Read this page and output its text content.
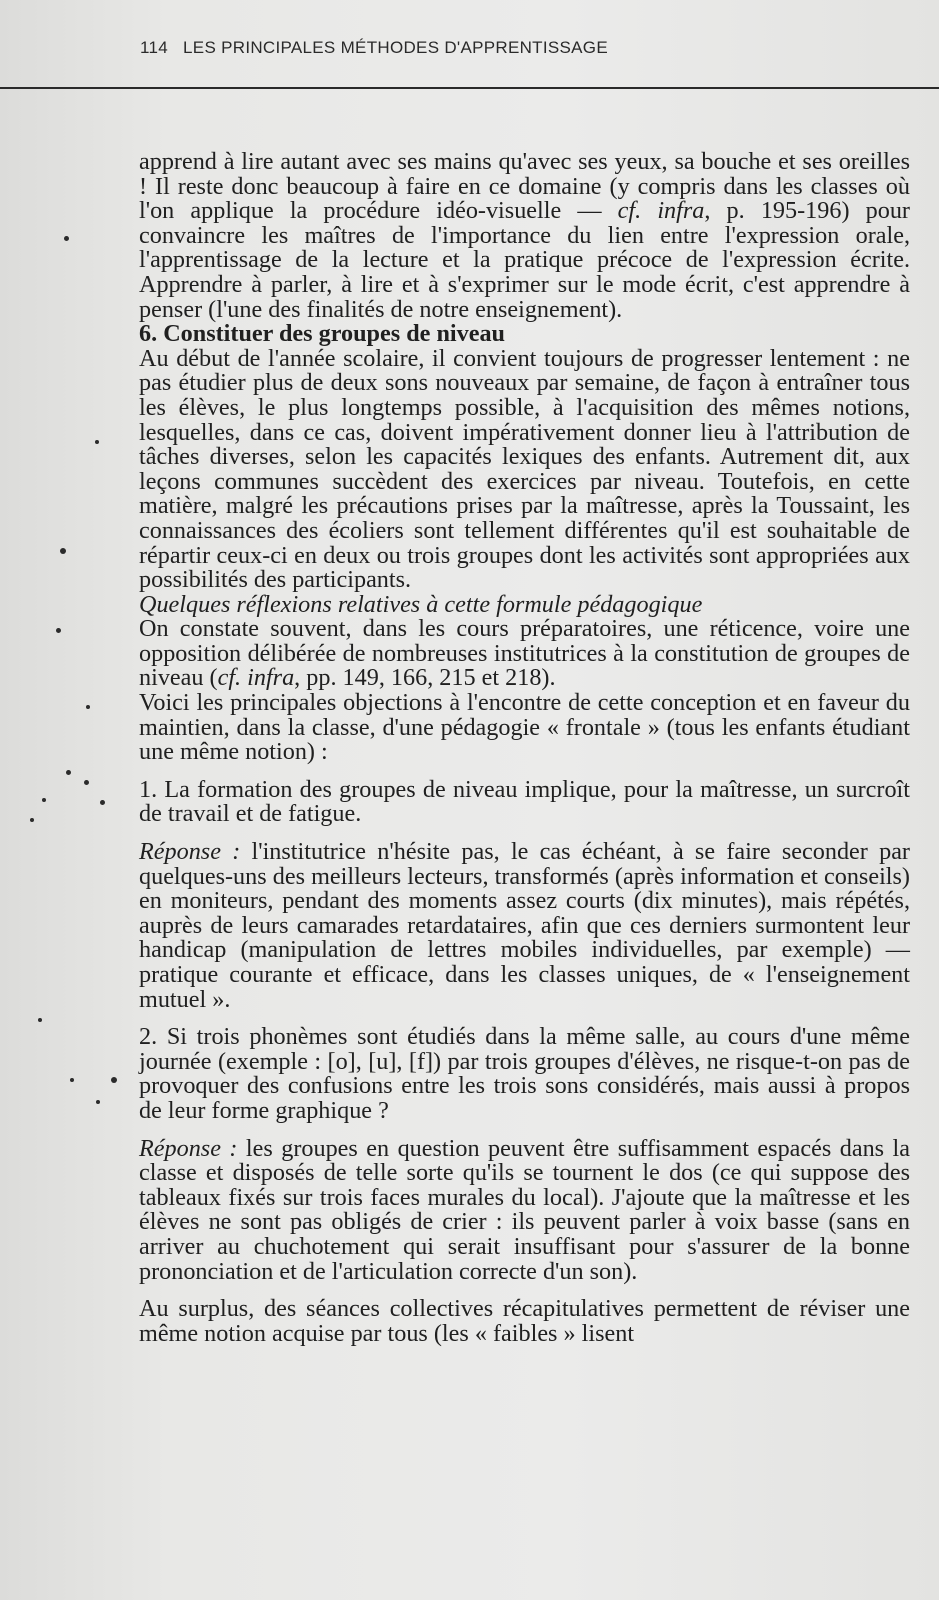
114 LES PRINCIPALES MÉTHODES D'APPRENTISSAGE

apprend à lire autant avec ses mains qu'avec ses yeux, sa bouche et ses oreilles ! Il reste donc beaucoup à faire en ce domaine (y compris dans les classes où l'on applique la procédure idéo-visuelle — cf. infra, p. 195-196) pour convaincre les maîtres de l'importance du lien entre l'expression orale, l'apprentissage de la lecture et la pratique précoce de l'expression écrite. Apprendre à parler, à lire et à s'exprimer sur le mode écrit, c'est apprendre à penser (l'une des finalités de notre enseignement).

6. Constituer des groupes de niveau

Au début de l'année scolaire, il convient toujours de progresser lentement : ne pas étudier plus de deux sons nouveaux par semaine, de façon à entraîner tous les élèves, le plus longtemps possible, à l'acquisition des mêmes notions, lesquelles, dans ce cas, doivent impérativement donner lieu à l'attribution de tâches diverses, selon les capacités lexiques des enfants. Autrement dit, aux leçons communes succèdent des exercices par niveau. Toutefois, en cette matière, malgré les précautions prises par la maîtresse, après la Toussaint, les connaissances des écoliers sont tellement différentes qu'il est souhaitable de répartir ceux-ci en deux ou trois groupes dont les activités sont appropriées aux possibilités des participants.

Quelques réflexions relatives à cette formule pédagogique

On constate souvent, dans les cours préparatoires, une réticence, voire une opposition délibérée de nombreuses institutrices à la constitution de groupes de niveau (cf. infra, pp. 149, 166, 215 et 218).

Voici les principales objections à l'encontre de cette conception et en faveur du maintien, dans la classe, d'une pédagogie « frontale » (tous les enfants étudiant une même notion) :

1. La formation des groupes de niveau implique, pour la maîtresse, un surcroît de travail et de fatigue.

Réponse : l'institutrice n'hésite pas, le cas échéant, à se faire seconder par quelques-uns des meilleurs lecteurs, transformés (après information et conseils) en moniteurs, pendant des moments assez courts (dix minutes), mais répétés, auprès de leurs camarades retardataires, afin que ces derniers surmontent leur handicap (manipulation de lettres mobiles individuelles, par exemple) — pratique courante et efficace, dans les classes uniques, de « l'enseignement mutuel ».

2. Si trois phonèmes sont étudiés dans la même salle, au cours d'une même journée (exemple : [o], [u], [f]) par trois groupes d'élèves, ne risque-t-on pas de provoquer des confusions entre les trois sons considérés, mais aussi à propos de leur forme graphique ?

Réponse : les groupes en question peuvent être suffisamment espacés dans la classe et disposés de telle sorte qu'ils se tournent le dos (ce qui suppose des tableaux fixés sur trois faces murales du local). J'ajoute que la maîtresse et les élèves ne sont pas obligés de crier : ils peuvent parler à voix basse (sans en arriver au chuchotement qui serait insuffisant pour s'assurer de la bonne prononciation et de l'articulation correcte d'un son).

Au surplus, des séances collectives récapitulatives permettent de réviser une même notion acquise par tous (les « faibles » lisent
